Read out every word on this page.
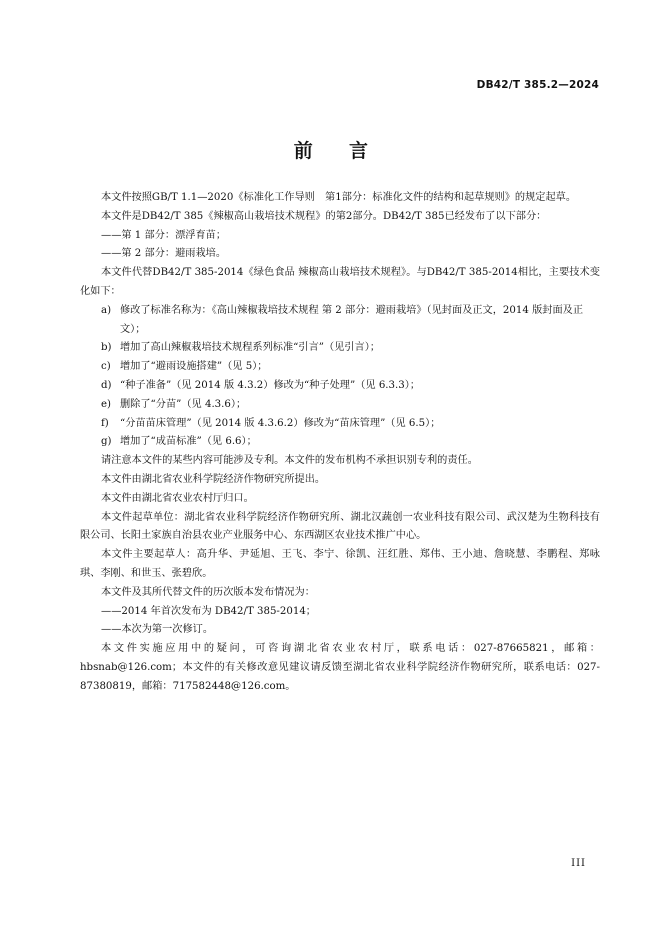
DB42/T 385.2—2024
前 言
本文件按照GB/T 1.1—2020《标准化工作导则　第1部分：标准化文件的结构和起草规则》的规定起草。
本文件是DB42/T 385《辣椒高山栽培技术规程》的第2部分。DB42/T 385已经发布了以下部分：
——第 1 部分：漂浮育苗；
——第 2 部分：避雨栽培。
本文件代替DB42/T 385-2014《绿色食品 辣椒高山栽培技术规程》。与DB42/T 385-2014相比，主要技术变化如下：
a) 修改了标准名称为：《高山辣椒栽培技术规程 第 2 部分：避雨栽培》（见封面及正文，2014 版封面及正文）；
b) 增加了高山辣椒栽培技术规程系列标准“引言”（见引言）；
c) 增加了“避雨设施搭建”（见 5）；
d) “种子准备”（见 2014 版 4.3.2）修改为“种子处理”（见 6.3.3）；
e) 删除了“分苗”（见 4.3.6）；
f) “分苗苗床管理”（见 2014 版 4.3.6.2）修改为“苗床管理”（见 6.5）；
g) 增加了“成苗标准”（见 6.6）；
请注意本文件的某些内容可能涉及专利。本文件的发布机构不承担识别专利的责任。
本文件由湖北省农业科学院经济作物研究所提出。
本文件由湖北省农业农村厅归口。
本文件起草单位：湖北省农业科学院经济作物研究所、湖北汉蔬创一农业科技有限公司、武汉楚为生物科技有限公司、长阳土家族自治县农业产业服务中心、东西湖区农业技术推广中心。
本文件主要起草人：高升华、尹延旭、王飞、李宁、徐凯、汪红胜、郑伟、王小迪、詹晓慧、李鹏程、郑咏琪、李刚、和世玉、张碧欣。
本文件及其所代替文件的历次版本发布情况为：
——2014 年首次发布为 DB42/T 385-2014；
——本次为第一次修订。
本文件实施应用中的疑问，可咨询湖北省农业农村厅，联系电话：027-87665821，邮箱：hbsnab@126.com；本文件的有关修改意见建议请反馈至湖北省农业科学院经济作物研究所，联系电话：027-87380819，邮箱：717582448@126.com。
III
